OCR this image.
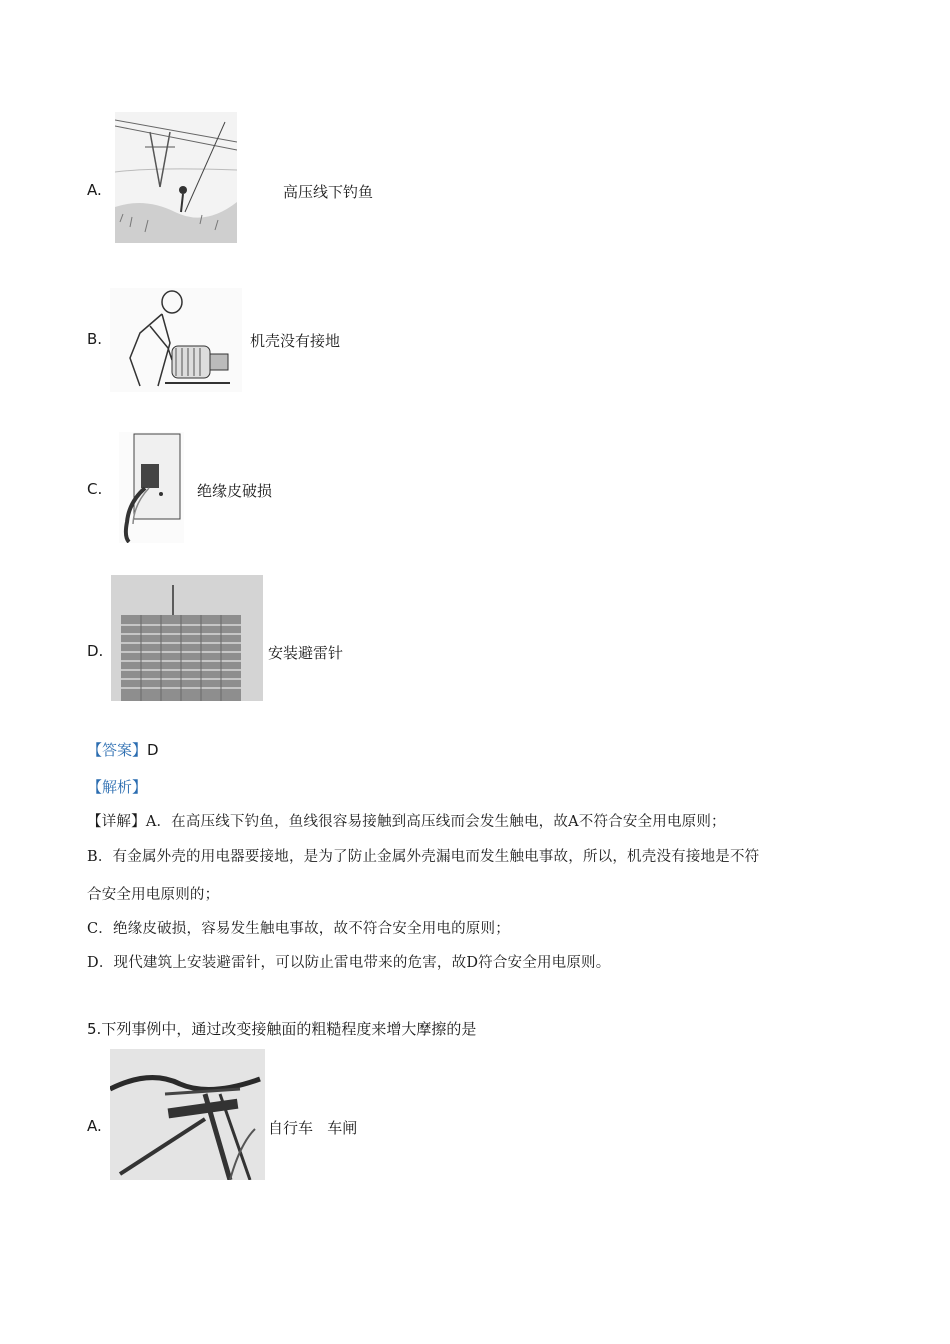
A.	高压线下钓鱼
B.	机壳没有接地
C.	绝缘皮破损
D.	安装避雷针
【答案】D
【解析】
【详解】A．在高压线下钓鱼，鱼线很容易接触到高压线而会发生触电，故A不符合安全用电原则；
B．有金属外壳的用电器要接地，是为了防止金属外壳漏电而发生触电事故，所以，机壳没有接地是不符
合安全用电原则的；
C．绝缘皮破损，容易发生触电事故，故不符合安全用电的原则；
D．现代建筑上安装避雷针，可以防止雷电带来的危害，故D符合安全用电原则。
5.下列事例中，通过改变接触面的粗糙程度来增大摩擦的是
A.	自行车   车闸
